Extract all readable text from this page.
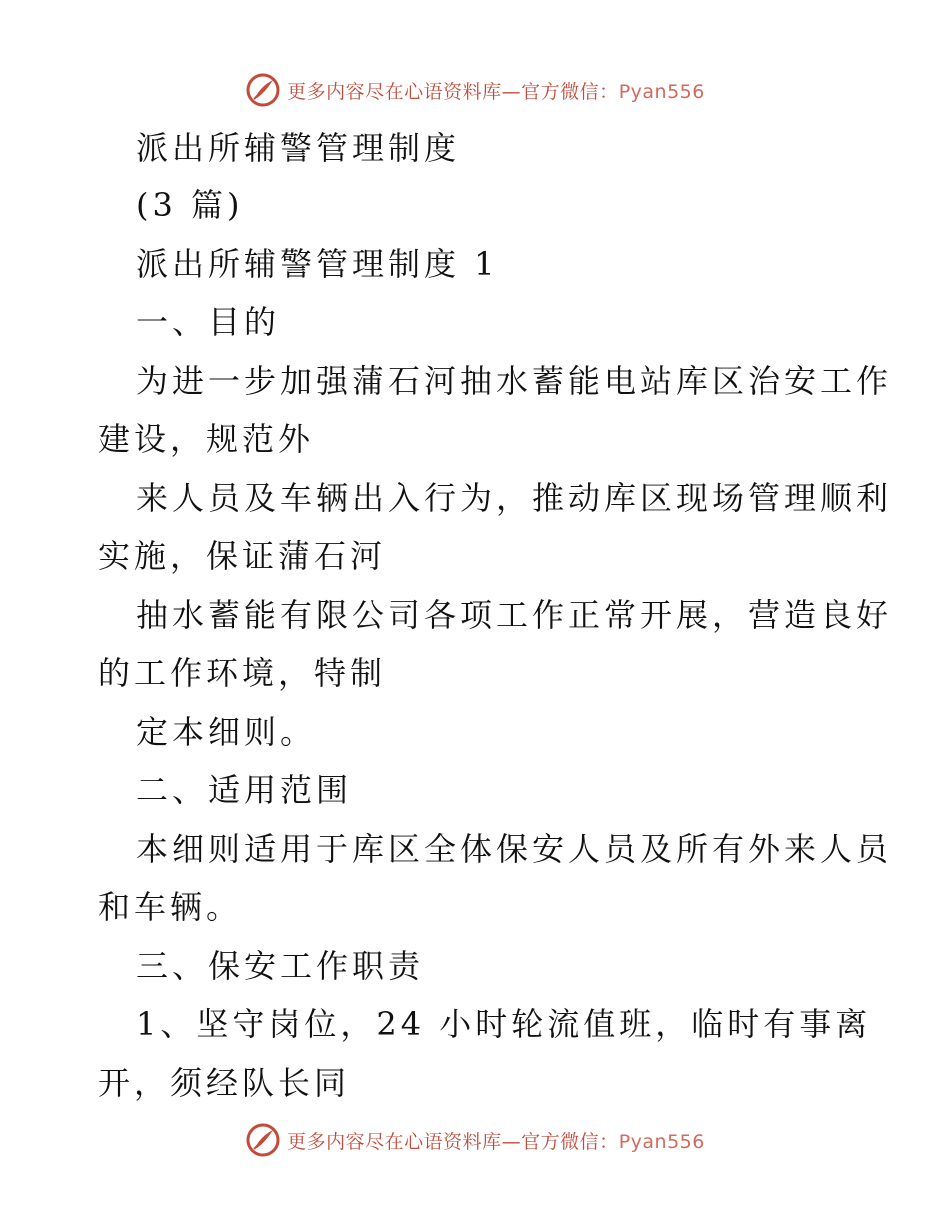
更多内容尽在心语资料库—官方微信：Pyan556
派出所辅警管理制度
(3 篇)
派出所辅警管理制度 1
一、目的
为进一步加强蒲石河抽水蓄能电站库区治安工作
建设，规范外
来人员及车辆出入行为，推动库区现场管理顺利
实施，保证蒲石河
抽水蓄能有限公司各项工作正常开展，营造良好
的工作环境，特制
定本细则。
二、适用范围
本细则适用于库区全体保安人员及所有外来人员
和车辆。
三、保安工作职责
1、坚守岗位，24 小时轮流值班，临时有事离
开，须经队长同
更多内容尽在心语资料库—官方微信：Pyan556
